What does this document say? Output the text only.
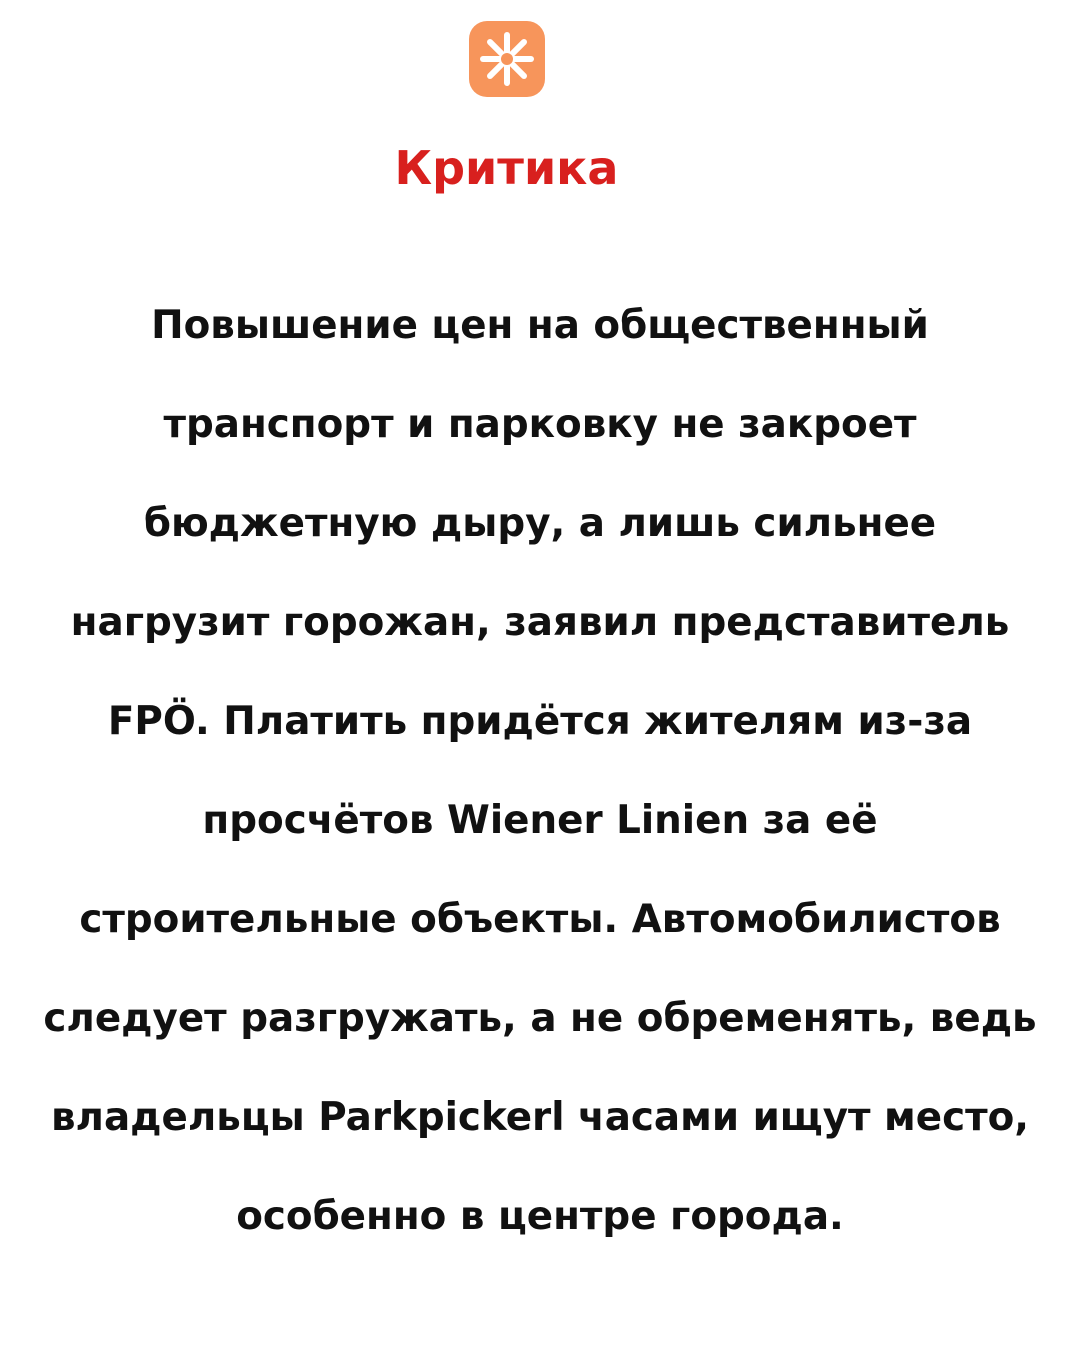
Критика
Повышение цен на общественный
транспорт и парковку не закроет
бюджетную дыру, а лишь сильнее
нагрузит горожан, заявил представитель
FPÖ. Платить придётся жителям из-за
просчётов Wiener Linien за её
строительные объекты. Автомобилистов
следует разгружать, а не обременять, ведь
владельцы Parkpickerl часами ищут место,
особенно в центре города.
